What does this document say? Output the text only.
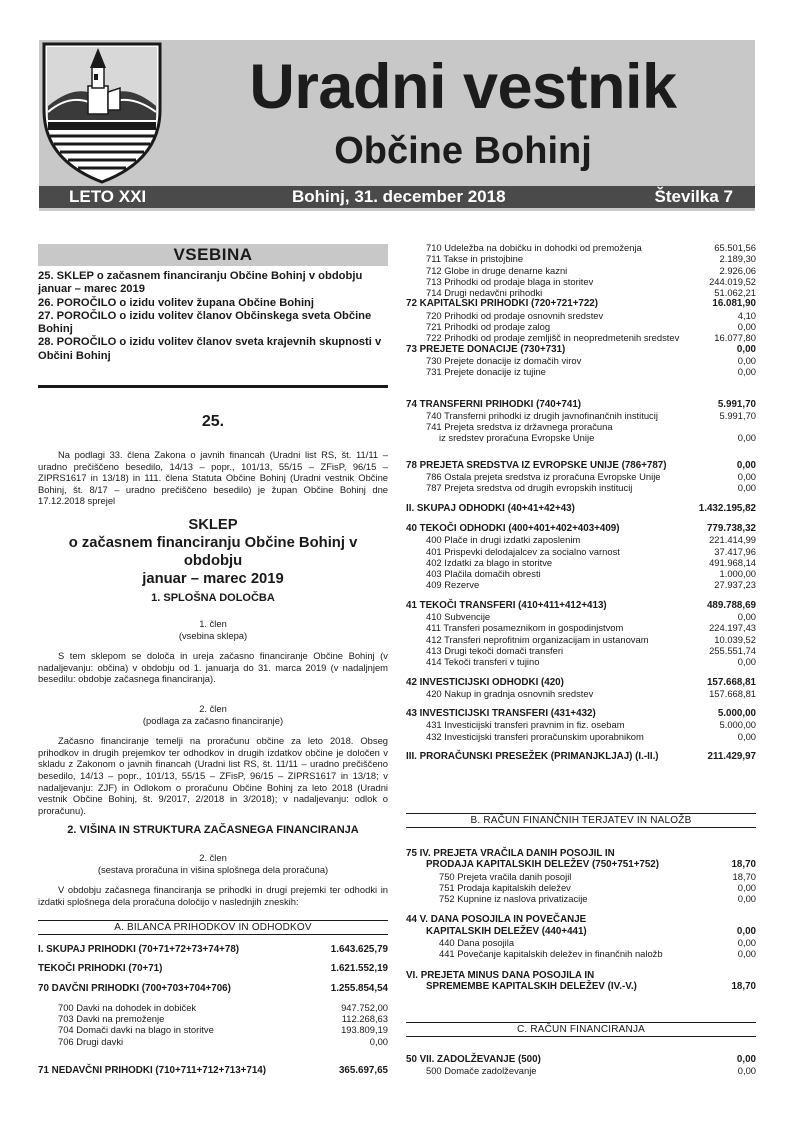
Uradni vestnik
Občine Bohinj
LETO XXI	Bohinj, 31. december 2018	Številka 7
VSEBINA
25. SKLEP o začasnem financiranju Občine Bohinj v obdobju januar – marec 2019
26. POROČILO o izidu volitev župana Občine Bohinj
27. POROČILO o izidu volitev članov Občinskega sveta Občine Bohinj
28. POROČILO o izidu volitev članov sveta krajevnih skupnosti v Občini Bohinj
25.
Na podlagi 33. člena Zakona o javnih financah (Uradni list RS, št. 11/11 – uradno prečiščeno besedilo, 14/13 – popr., 101/13, 55/15 – ZFisP, 96/15 – ZIPRS1617 in 13/18) in 111. člena Statuta Občine Bohinj (Uradni vestnik Občine Bohinj, št. 8/17 – uradno prečiščeno besedilo) je župan Občine Bohinj dne 17.12.2018 sprejel
SKLEP
o začasnem financiranju Občine Bohinj v obdobju
januar – marec 2019
1. SPLOŠNA DOLOČBA
1. člen
(vsebina sklepa)
S tem sklepom se določa in ureja začasno financiranje Občine Bohinj (v nadaljevanju: občina) v obdobju od 1. januarja do 31. marca 2019 (v nadaljnjem besedilu: obdobje začasnega financiranja).
2. člen
(podlaga za začasno financiranje)
Začasno financiranje temelji na proračunu občine za leto 2018. Obseg prihodkov in drugih prejemkov ter odhodkov in drugih izdatkov občine je določen v skladu z Zakonom o javnih financah (Uradni list RS, št. 11/11 – uradno prečiščeno besedilo, 14/13 – popr., 101/13, 55/15 – ZFisP, 96/15 – ZIPRS1617 in 13/18; v nadaljevanju: ZJF) in Odlokom o proračunu Občine Bohinj za leto 2018 (Uradni vestnik Občine Bohinj, št. 9/2017, 2/2018 in 3/2018); v nadaljevanju: odlok o proračunu).
2. VIŠINA IN STRUKTURA ZAČASNEGA FINANCIRANJA
2. člen
(sestava proračuna in višina splošnega dela proračuna)
V obdobju začasnega financiranja se prihodki in drugi prejemki ter odhodki in izdatki splošnega dela proračuna določijo v naslednjih zneskih:
A. BILANCA PRIHODKOV IN ODHODKOV
I. SKUPAJ PRIHODKI (70+71+72+73+74+78)	1.643.625,79
TEKOČI PRIHODKI (70+71)	1.621.552,19
70 DAVČNI PRIHODKI (700+703+704+706)	1.255.854,54
700 Davki na dohodek in dobiček	947.752,00
703 Davki na premoženje	112.268,63
704 Domači davki na blago in storitve	193.809,19
706 Drugi davki	0,00
71 NEDAVČNI PRIHODKI (710+711+712+713+714)	365.697,65
710 Udeležba na dobičku in dohodki od premoženja	65.501,56
711 Takse in pristojbine	2.189,30
712 Globe in druge denarne kazni	2.926,06
713 Prihodki od prodaje blaga in storitev	244.019,52
714 Drugi nedavčni prihodki	51.062,21
72 KAPITALSKI PRIHODKI (720+721+722)	16.081,90
720 Prihodki od prodaje osnovnih sredstev	4,10
721 Prihodki od prodaje zalog	0,00
722 Prihodki od prodaje zemljišč in neopredmetenih sredstev	16.077,80
73 PREJETE DONACIJE (730+731)	0,00
730 Prejete donacije iz domačih virov	0,00
731 Prejete donacije iz tujine	0,00
74 TRANSFERNI PRIHODKI (740+741)	5.991,70
740 Transferni prihodki iz drugih javnofinančnih institucij	5.991,70
741 Prejeta sredstva iz državnega proračuna
iz sredstev proračuna Evropske Unije	0,00
78 PREJETA SREDSTVA IZ EVROPSKE UNIJE (786+787)	0,00
786 Ostala prejeta sredstva iz proračuna Evropske Unije	0,00
787 Prejeta sredstva od drugih evropskih institucij	0,00
II. SKUPAJ ODHODKI (40+41+42+43)	1.432.195,82
40 TEKOČI ODHODKI (400+401+402+403+409)	779.738,32
400 Plače in drugi izdatki zaposlenim	221.414,99
401 Prispevki delodajalcev za socialno varnost	37.417,96
402 Izdatki za blago in storitve	491.968,14
403 Plačila domačih obresti	1.000,00
409 Rezerve	27.937,23
41 TEKOČI TRANSFERI (410+411+412+413)	489.788,69
410 Subvencije	0,00
411 Transferi posameznikom in gospodinjstvom	224.197,43
412 Transferi neprofitnim organizacijam in ustanovam	10.039,52
413 Drugi tekoči domači transferi	255.551,74
414 Tekoči transferi v tujino	0,00
42 INVESTICIJSKI ODHODKI (420)	157.668,81
420 Nakup in gradnja osnovnih sredstev	157.668,81
43 INVESTICIJSKI TRANSFERI (431+432)	5.000,00
431 Investicijski transferi pravnim in fiz. osebam	5.000,00
432 Investicijski transferi proračunskim uporabnikom	0,00
III. PRORAČUNSKI PRESEŽEK (PRIMANJKLJAJ) (I.-II.)	211.429,97
B. RAČUN FINANČNIH TERJATEV IN NALOŽB
75 IV. PREJETA VRAČILA DANIH POSOJIL IN
PRODAJA KAPITALSKIH DELEŽEV (750+751+752)	18,70
750 Prejeta vračila danih posojil	18,70
751 Prodaja kapitalskih deležev	0,00
752 Kupnine iz naslova privatizacije	0,00
44 V. DANA POSOJILA IN POVEČANJE
KAPITALSKIH DELEŽEV (440+441)	0,00
440 Dana posojila	0,00
441 Povečanje kapitalskih deležev in finančnih naložb	0,00
VI. PREJETA MINUS DANA POSOJILA IN
SPREMEMBE KAPITALSKIH DELEŽEV (IV.-V.)	18,70
C. RAČUN FINANCIRANJA
50 VII. ZADOLŽEVANJE (500)	0,00
500 Domače zadolževanje	0,00
